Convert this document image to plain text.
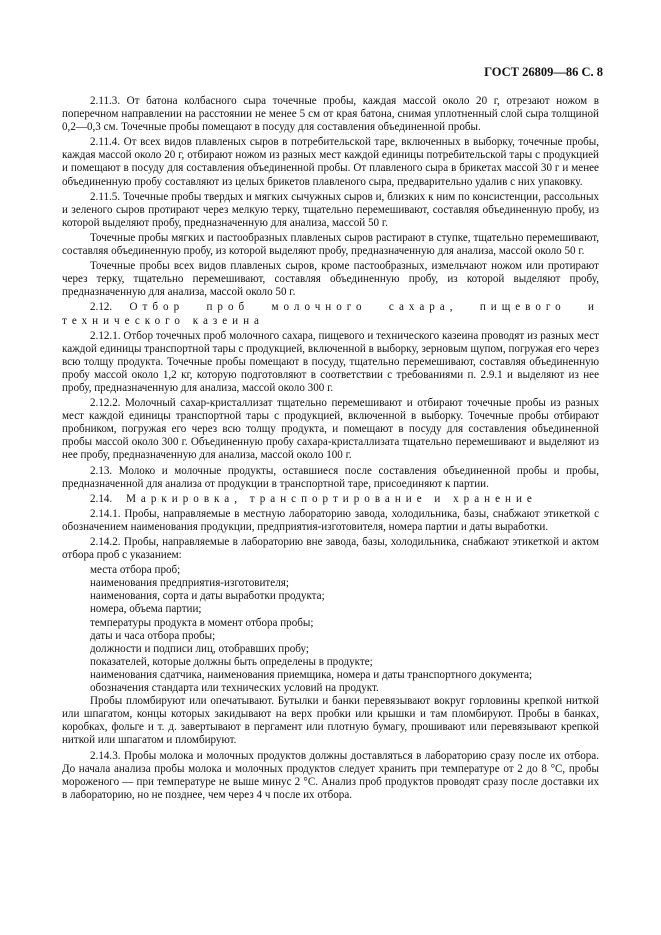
ГОСТ 26809—86 С. 8

2.11.3. От батона колбасного сыра точечные пробы, каждая массой около 20 г, отрезают ножом в поперечном направлении на расстоянии не менее 5 см от края батона, снимая уплотненный слой сыра толщиной 0,2—0,3 см. Точечные пробы помещают в посуду для составления объединенной пробы.

2.11.4. От всех видов плавленых сыров в потребительской таре, включенных в выборку, точечные пробы, каждая массой около 20 г, отбирают ножом из разных мест каждой единицы потребительской тары с продукцией и помещают в посуду для составления объединенной пробы. От плавленого сыра в брикетах массой 30 г и менее объединенную пробу составляют из целых брикетов плавленого сыра, предварительно удалив с них упаковку.

2.11.5. Точечные пробы твердых и мягких сычужных сыров и, близких к ним по консистенции, рассольных и зеленого сыров протирают через мелкую терку, тщательно перемешивают, составляя объединенную пробу, из которой выделяют пробу, предназначенную для анализа, массой 50 г.

Точечные пробы мягких и пастообразных плавленых сыров растирают в ступке, тщательно перемешивают, составляя объединенную пробу, из которой выделяют пробу, предназначенную для анализа, массой около 50 г.

Точечные пробы всех видов плавленых сыров, кроме пастообразных, измельчают ножом или протирают через терку, тщательно перемешивают, составляя объединенную пробу, из которой выделяют пробу, предназначенную для анализа, массой около 50 г.

2.12. Отбор проб молочного сахара, пищевого и технического казеина

2.12.1. Отбор точечных проб молочного сахара, пищевого и технического казеина проводят из разных мест каждой единицы транспортной тары с продукцией, включенной в выборку, зерновым щупом, погружая его через всю толщу продукта. Точечные пробы помещают в посуду, тщательно перемешивают, составляя объединенную пробу массой около 1,2 кг, которую подготовляют в соответствии с требованиями п. 2.9.1 и выделяют из нее пробу, предназначенную для анализа, массой около 300 г.

2.12.2. Молочный сахар-кристаллизат тщательно перемешивают и отбирают точечные пробы из разных мест каждой единицы транспортной тары с продукцией, включенной в выборку. Точечные пробы отбирают пробником, погружая его через всю толщу продукта, и помещают в посуду для составления объединенной пробы массой около 300 г. Объединенную пробу сахара-кристаллизата тщательно перемешивают и выделяют из нее пробу, предназначенную для анализа, массой около 100 г.

2.13. Молоко и молочные продукты, оставшиеся после составления объединенной пробы и пробы, предназначенной для анализа от продукции в транспортной таре, присоединяют к партии.

2.14. Маркировка, транспортирование и хранение

2.14.1. Пробы, направляемые в местную лабораторию завода, холодильника, базы, снабжают этикеткой с обозначением наименования продукции, предприятия-изготовителя, номера партии и даты выработки.

2.14.2. Пробы, направляемые в лабораторию вне завода, базы, холодильника, снабжают этикеткой и актом отбора проб с указанием:

места отбора проб;
наименования предприятия-изготовителя;
наименования, сорта и даты выработки продукта;
номера, объема партии;
температуры продукта в момент отбора пробы;
даты и часа отбора пробы;
должности и подписи лиц, отобравших пробу;
показателей, которые должны быть определены в продукте;
наименования сдатчика, наименования приемщика, номера и даты транспортного документа;
обозначения стандарта или технических условий на продукт.

Пробы пломбируют или опечатывают. Бутылки и банки перевязывают вокруг горловины крепкой ниткой или шпагатом, концы которых закидывают на верх пробки или крышки и там пломбируют. Пробы в банках, коробках, фольге и т. д. завертывают в пергамент или плотную бумагу, прошивают или перевязывают крепкой ниткой или шпагатом и пломбируют.

2.14.3. Пробы молока и молочных продуктов должны доставляться в лабораторию сразу после их отбора. До начала анализа пробы молока и молочных продуктов следует хранить при температуре от 2 до 8 °С, пробы мороженого — при температуре не выше минус 2 °С. Анализ проб продуктов проводят сразу после доставки их в лабораторию, но не позднее, чем через 4 ч после их отбора.
